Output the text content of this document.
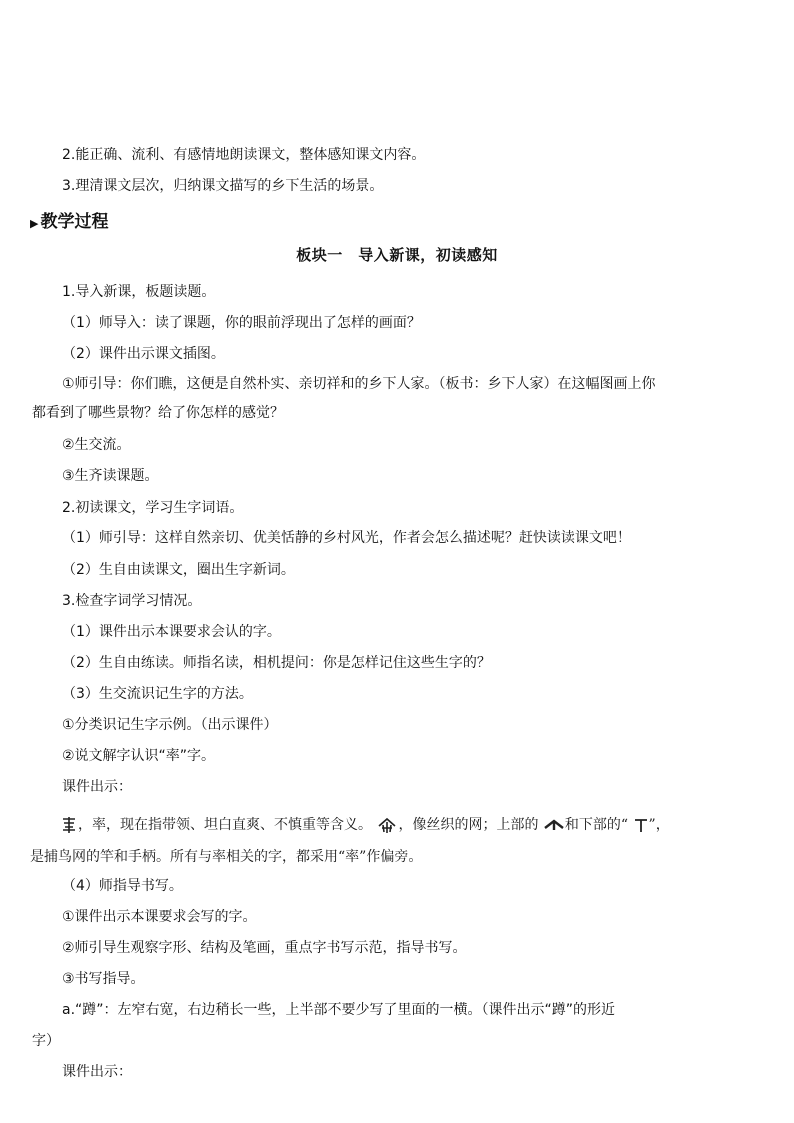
2.能正确、流利、有感情地朗读课文，整体感知课文内容。
3.理清课文层次，归纳课文描写的乡下生活的场景。
▶ 教学过程
板块一　导入新课，初读感知
1.导入新课，板题读题。
（1）师导入：读了课题，你的眼前浮现出了怎样的画面？
（2）课件出示课文插图。
①师引导：你们瞧，这便是自然朴实、亲切祥和的乡下人家。（板书：乡下人家）在这幅图画上你
都看到了哪些景物？给了你怎样的感觉？
②生交流。
③生齐读课题。
2.初读课文，学习生字词语。
（1）师引导：这样自然亲切、优美恬静的乡村风光，作者会怎么描述呢？赶快读读课文吧！
（2）生自由读课文，圈出生字新词。
3.检查字词学习情况。
（1）课件出示本课要求会认的字。
（2）生自由练读。师指名读，相机提问：你是怎样记住这些生字的？
（3）生交流识记生字的方法。
①分类识记生字示例。（出示课件）
②说文解字认识“率”字。
课件出示：
，率，现在指带领、坦白直爽、不慎重等含义。 ，像丝织的网；上部的 和下部的“ ”，
是捕鸟网的竿和手柄。所有与率相关的字，都采用“率”作偏旁。
（4）师指导书写。
①课件出示本课要求会写的字。
②师引导生观察字形、结构及笔画，重点字书写示范，指导书写。
③书写指导。
a.“蹲”：左窄右宽，右边稍长一些，上半部不要少写了里面的一横。（课件出示“蹲”的形近
字）
课件出示：
